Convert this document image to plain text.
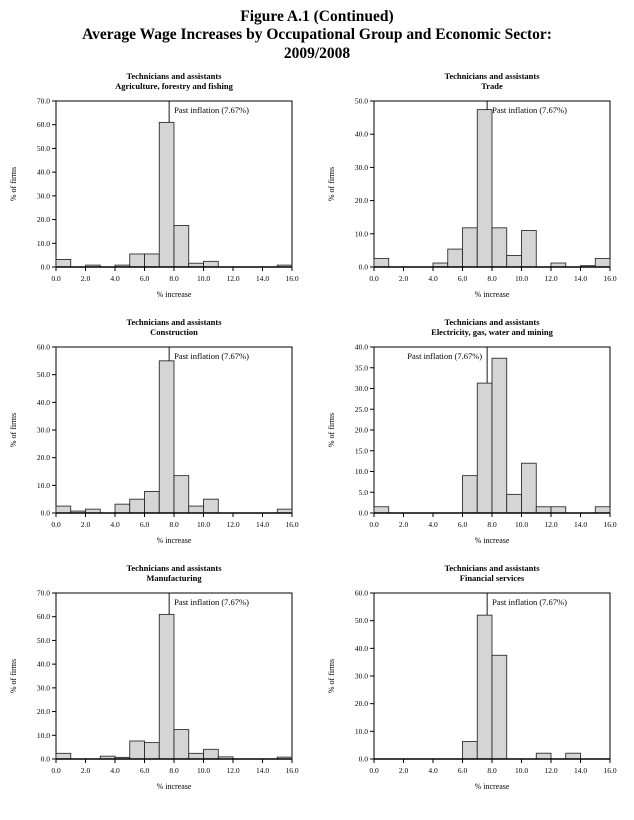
Figure A.1 (Continued)
Average Wage Increases by Occupational Group and Economic Sector:
2009/2008
Technicians and assistants
Agriculture, forestry and fishing
0.0
10.0
20.0
30.0
40.0
50.0
60.0
70.0
0.0	2.0	4.0	6.0	8.0 10.0 12.0 14.0 16.0
Past inflation (7.67%)
% increase
% of firms
Technicians and assistants
Trade
0.0
10.0
20.0
30.0
40.0
50.0
0.0	2.0	4.0	6.0	8.0 10.0 12.0 14.0 16.0
Past inflation (7.67%)
% increase
% of firms
Technicians and assistants
Construction
0.0
10.0
20.0
30.0
40.0
50.0
60.0
0.0	2.0	4.0	6.0	8.0 10.0 12.0 14.0 16.0
Past inflation (7.67%)
% increase
% of firms
Technicians and assistants
Electricity, gas, water and mining
0.0
5.0
10.0
15.0
20.0
25.0
30.0
35.0
40.0
0.0	2.0	4.0	6.0	8.0 10.0 12.0 14.0 16.0
Past inflation (7.67%)
% increase
% of firms
Technicians and assistants
Manufacturing
0.0
10.0
20.0
30.0
40.0
50.0
60.0
70.0
0.0	2.0	4.0	6.0	8.0 10.0 12.0 14.0 16.0
Past inflation (7.67%)
% increase
% of firms
Technicians and assistants
Financial services
0.0
10.0
20.0
30.0
40.0
50.0
60.0
0.0	2.0	4.0	6.0	8.0 10.0 12.0 14.0 16.0
Past inflation (7.67%)
% increase
% of firms
